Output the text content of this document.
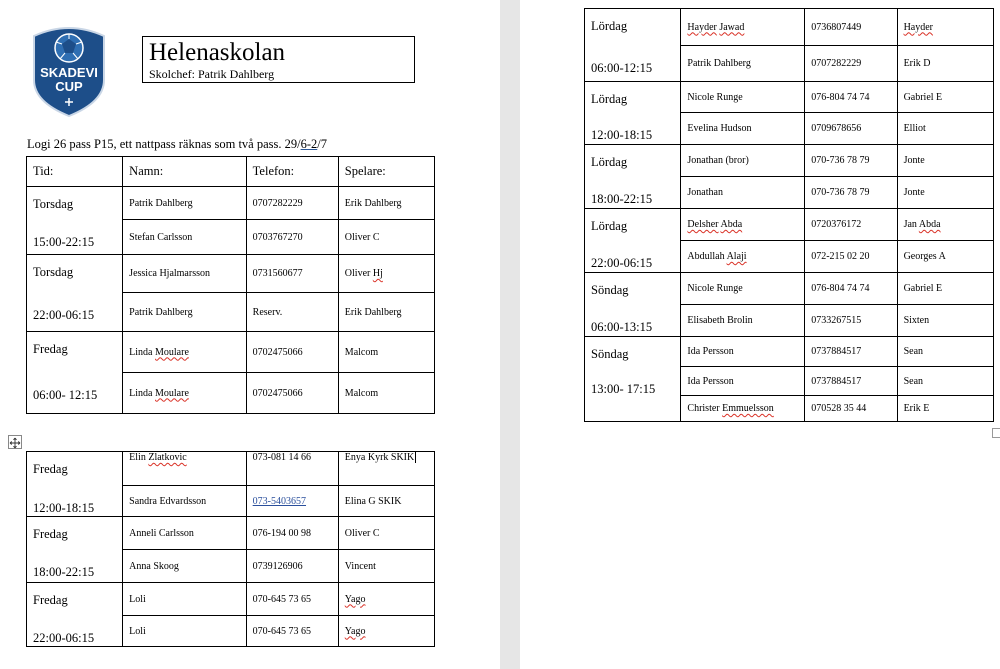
SKADEVI
CUP
Helenaskolan
Skolchef: Patrik Dahlberg
Logi 26 pass P15, ett nattpass räknas som två pass. 29/6-2/7
Tid:	Namn:	Telefon:	Spelare:
Torsdag
15:00-22:15	Patrik Dahlberg	0707282229	Erik Dahlberg
	Stefan Carlsson	0703767270	Oliver C
Torsdag
22:00-06:15	Jessica Hjalmarsson	0731560677	Oliver Hj
	Patrik Dahlberg	Reserv.	Erik Dahlberg
Fredag
06:00- 12:15	Linda Moulare	0702475066	Malcom
	Linda Moulare	0702475066	Malcom
Fredag
12:00-18:15	Elin Zlatkovic	073-081 14 66	Enya Kyrk SKIK
	Sandra Edvardsson	073-5403657	Elina G SKIK
Fredag
18:00-22:15	Anneli Carlsson	076-194 00 98	Oliver C
	Anna Skoog	0739126906	Vincent
Fredag
22:00-06:15	Loli	070-645 73 65	Yago
	Loli	070-645 73 65	Yago
Lördag
06:00-12:15	Hayder Jawad	0736807449	Hayder
	Patrik Dahlberg	0707282229	Erik D
Lördag
12:00-18:15	Nicole Runge	076-804 74 74	Gabriel E
	Evelina Hudson	0709678656	Elliot
Lördag
18:00-22:15	Jonathan (bror)	070-736 78 79	Jonte
	Jonathan	070-736 78 79	Jonte
Lördag
22:00-06:15	Delsher Abda	0720376172	Jan Abda
	Abdullah Alaji	072-215 02 20	Georges A
Söndag
06:00-13:15	Nicole Runge	076-804 74 74	Gabriel E
	Elisabeth Brolin	0733267515	Sixten
Söndag
13:00- 17:15	Ida Persson	0737884517	Sean
	Ida Persson	0737884517	Sean
	Christer Emmuelsson	070528 35 44	Erik E
